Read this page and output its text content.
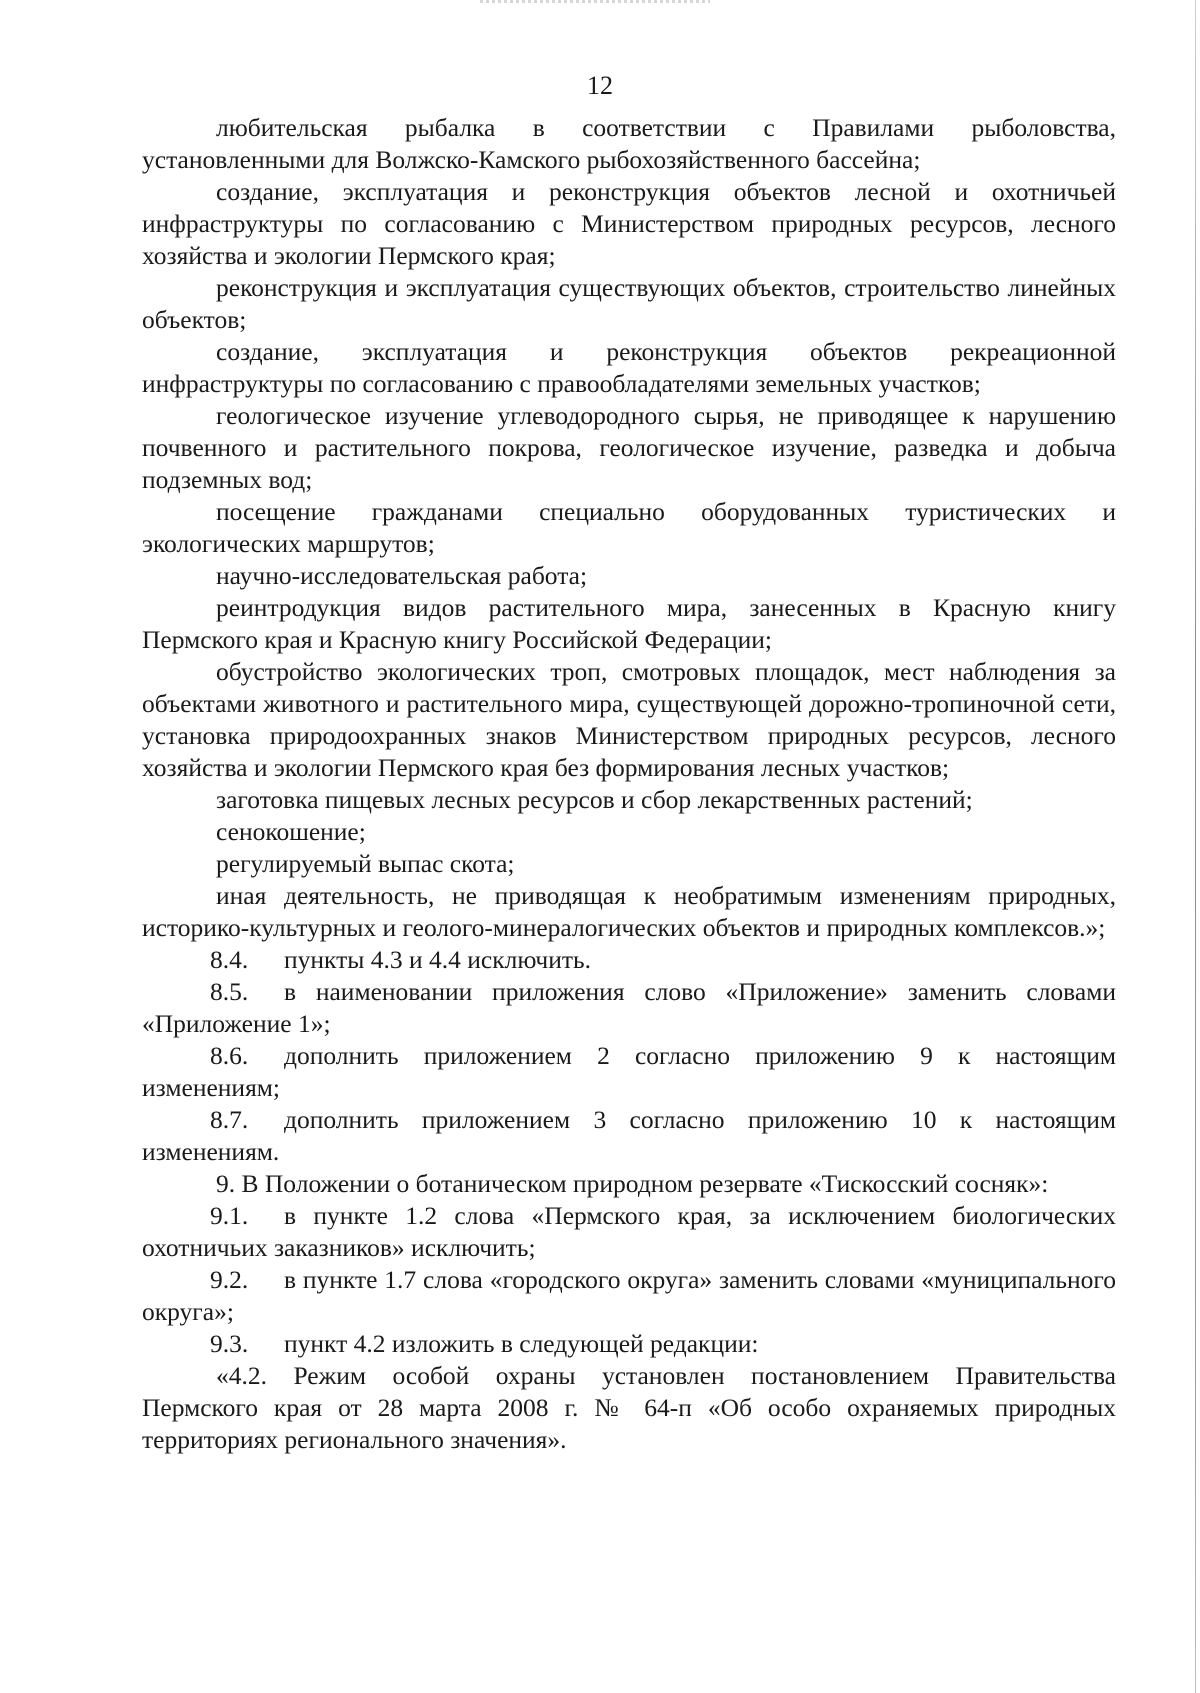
12

любительская рыбалка в соответствии с Правилами рыболовства, установленными для Волжско-Камского рыбохозяйственного бассейна;

создание, эксплуатация и реконструкция объектов лесной и охотничьей инфраструктуры по согласованию с Министерством природных ресурсов, лесного хозяйства и экологии Пермского края;

реконструкция и эксплуатация существующих объектов, строительство линейных объектов;

создание, эксплуатация и реконструкция объектов рекреационной инфраструктуры по согласованию с правообладателями земельных участков;

геологическое изучение углеводородного сырья, не приводящее к нарушению почвенного и растительного покрова, геологическое изучение, разведка и добыча подземных вод;

посещение гражданами специально оборудованных туристических и экологических маршрутов;

научно-исследовательская работа;

реинтродукция видов растительного мира, занесенных в Красную книгу Пермского края и Красную книгу Российской Федерации;

обустройство экологических троп, смотровых площадок, мест наблюдения за объектами животного и растительного мира, существующей дорожно-тропиночной сети, установка природоохранных знаков Министерством природных ресурсов, лесного хозяйства и экологии Пермского края без формирования лесных участков;

заготовка пищевых лесных ресурсов и сбор лекарственных растений;

сенокошение;

регулируемый выпас скота;

иная деятельность, не приводящая к необратимым изменениям природных, историко-культурных и геолого-минералогических объектов и природных комплексов.»;

8.4. пункты 4.3 и 4.4 исключить.

8.5. в наименовании приложения слово «Приложение» заменить словами «Приложение 1»;

8.6. дополнить приложением 2 согласно приложению 9 к настоящим изменениям;

8.7. дополнить приложением 3 согласно приложению 10 к настоящим изменениям.

9. В Положении о ботаническом природном резервате «Тискосский сосняк»:

9.1. в пункте 1.2 слова «Пермского края, за исключением биологических охотничьих заказников» исключить;

9.2. в пункте 1.7 слова «городского округа» заменить словами «муниципального округа»;

9.3. пункт 4.2 изложить в следующей редакции:

«4.2. Режим особой охраны установлен постановлением Правительства Пермского края от 28 марта 2008 г. № 64-п «Об особо охраняемых природных территориях регионального значения».
